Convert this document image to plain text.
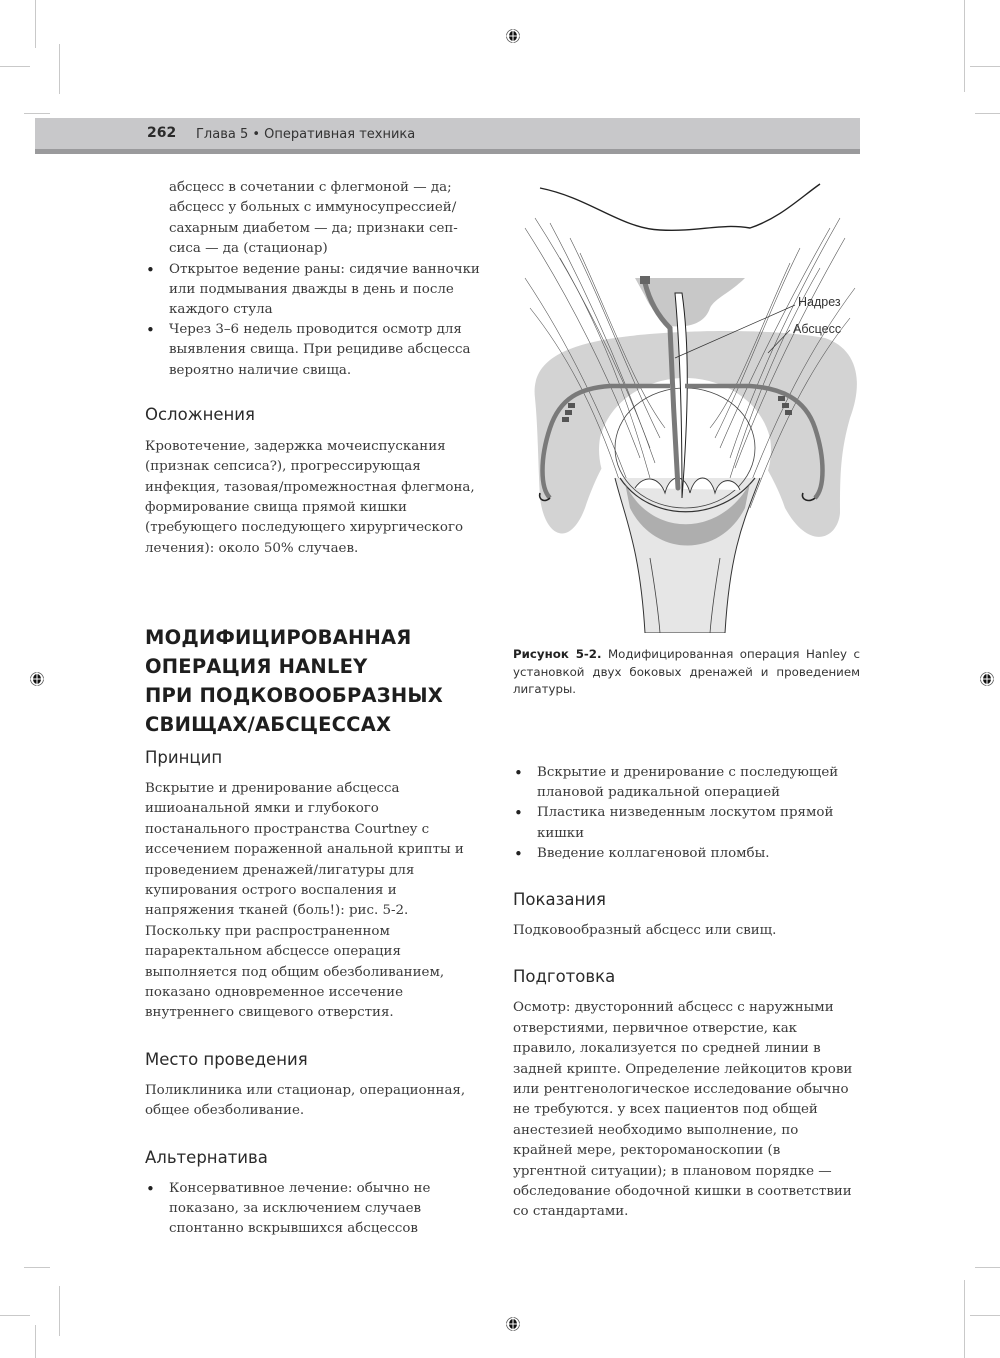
262 Глава 5 • Оперативная техника
абсцесс в сочетании с флегмоной — да;
абсцесс у больных с иммуносупрессией/
сахарным диабетом — да; признаки сеп-
сиса — да (стационар)
• Открытое ведение раны: сидячие ванночки или подмывания дважды в день и после каждого стула
• Через 3–6 недель проводится осмотр для выявления свища. При рецидиве абсцесса вероятно наличие свища.
Осложнения

Кровотечение, задержка мочеиспускания (признак сепсиса?), прогрессирующая инфекция, тазовая/промежностная флегмона, формирование свища прямой кишки (требующего последующего хирургического лечения): около 50% случаев.

МОДИФИЦИРОВАННАЯ
ОПЕРАЦИЯ HANLEY
ПРИ ПОДКОВООБРАЗНЫХ
СВИЩАХ/АБСЦЕССАХ
Принцип

Вскрытие и дренирование абсцесса ишиоанальной ямки и глубокого постанального пространства Courtney с иссечением пораженной анальной крипты и проведением дренажей/лигатуры для купирования острого воспаления и напряжения тканей (боль!): рис. 5-2. Поскольку при распространенном параректальном абсцессе операция выполняется под общим обезболиванием, показано одновременное иссечение внутреннего свищевого отверстия.

Место проведения

Поликлиника или стационар, операционная, общее обезболивание.

Альтернатива
• Консервативное лечение: обычно не показано, за исключением случаев спонтанно вскрывшихся абсцессов
Надрез
Абсцесс

Рисунок 5-2. Модифицированная операция Hanley с установкой двух боковых дренажей и проведением лигатуры.

• Вскрытие и дренирование с последующей плановой радикальной операцией
• Пластика низведенным лоскутом прямой кишки
• Введение коллагеновой пломбы.
Показания

Подковообразный абсцесс или свищ.

Подготовка

Осмотр: двусторонний абсцесс с наружными отверстиями, первичное отверстие, как правило, локализуется по средней линии в задней крипте. Определение лейкоцитов крови или рентгенологическое исследование обычно не требуются. у всех пациентов под общей анестезией необходимо выполнение, по крайней мере, ректороманоскопии (в ургентной ситуации); в плановом порядке — обследование ободочной кишки в соответствии со стандартами.
